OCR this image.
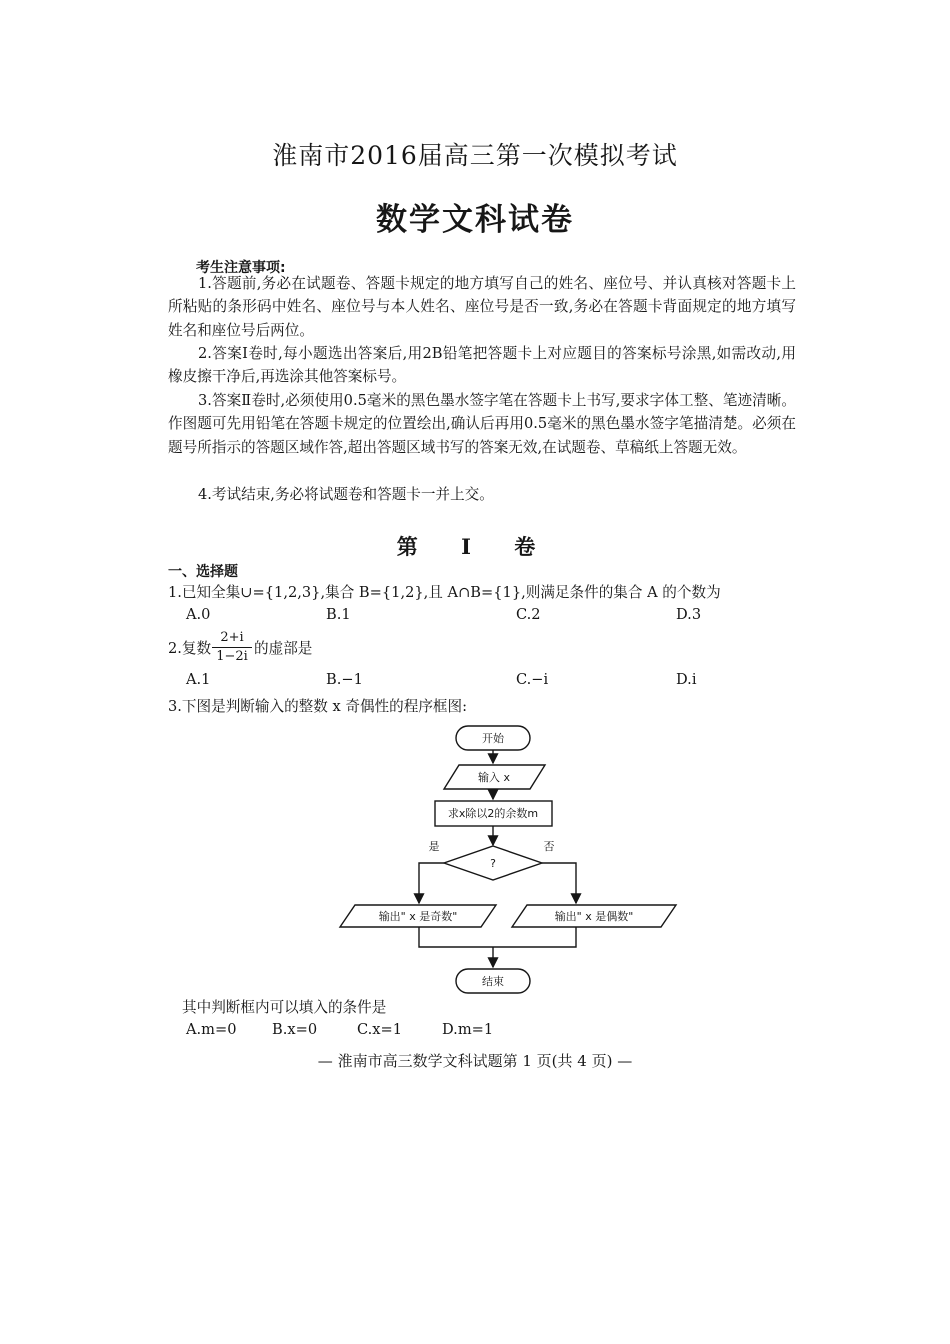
淮南市2016届高三第一次模拟考试
数学文科试卷
考生注意事项:
1.答题前,务必在试题卷、答题卡规定的地方填写自己的姓名、座位号、并认真核对答题卡上所粘贴的条形码中姓名、座位号与本人姓名、座位号是否一致,务必在答题卡背面规定的地方填写姓名和座位号后两位。
2.答案Ⅰ卷时,每小题选出答案后,用2B铅笔把答题卡上对应题目的答案标号涂黑,如需改动,用橡皮擦干净后,再选涂其他答案标号。
3.答案Ⅱ卷时,必须使用0.5毫米的黑色墨水签字笔在答题卡上书写,要求字体工整、笔迹清晰。作图题可先用铅笔在答题卡规定的位置绘出,确认后再用0.5毫米的黑色墨水签字笔描清楚。必须在题号所指示的答题区域作答,超出答题区域书写的答案无效,在试题卷、草稿纸上答题无效。
4.考试结束,务必将试题卷和答题卡一并上交。
第 Ⅰ 卷
一、选择题
1.已知全集∪={1,2,3},集合 B={1,2},且 A∩B={1},则满足条件的集合 A 的个数为
A.0	B.1	C.2	D.3
2.复数
2+i
1−2i 的虚部是
A.1	B.−1	C.−i	D.i
3.下图是判断输入的整数 x 奇偶性的程序框图:
开始
输入 x
求x除以2的余数m
?
是	否
输出" x 是奇数"	输出" x 是偶数"
结束
其中判断框内可以填入的条件是
A.m=0 B.x=0	C.x=1	D.m=1
— 淮南市高三数学文科试题第 1 页(共 4 页) —
